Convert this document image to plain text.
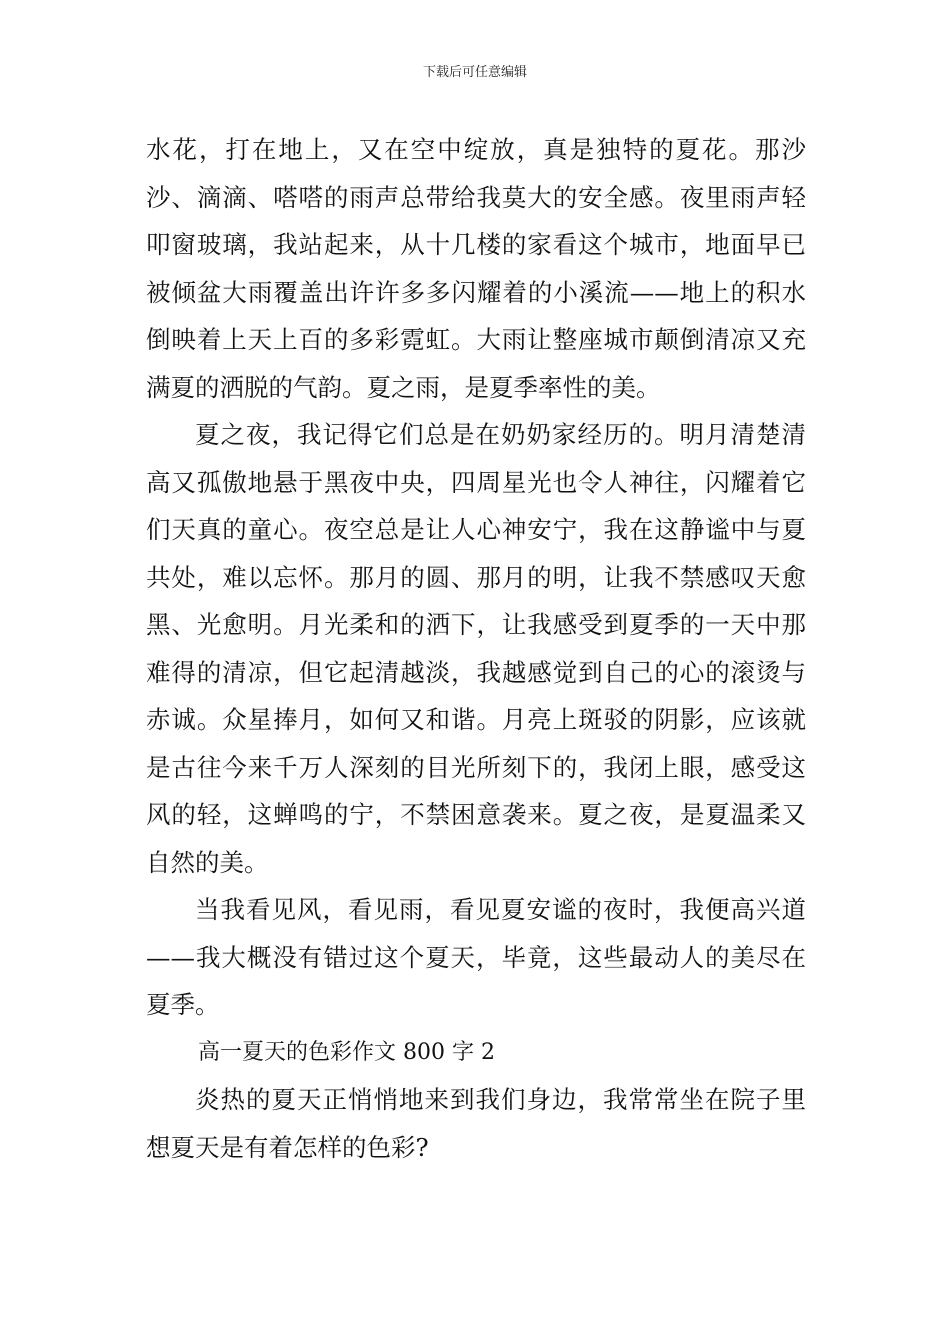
下载后可任意编辑

水花，打在地上，又在空中绽放，真是独特的夏花。那沙沙、滴滴、嗒嗒的雨声总带给我莫大的安全感。夜里雨声轻叩窗玻璃，我站起来，从十几楼的家看这个城市，地面早已被倾盆大雨覆盖出许许多多闪耀着的小溪流——地上的积水倒映着上天上百的多彩霓虹。大雨让整座城市颠倒清凉又充满夏的洒脱的气韵。夏之雨，是夏季率性的美。

夏之夜，我记得它们总是在奶奶家经历的。明月清楚清高又孤傲地悬于黑夜中央，四周星光也令人神往，闪耀着它们天真的童心。夜空总是让人心神安宁，我在这静谧中与夏共处，难以忘怀。那月的圆、那月的明，让我不禁感叹天愈黑、光愈明。月光柔和的洒下，让我感受到夏季的一天中那难得的清凉，但它起清越淡，我越感觉到自己的心的滚烫与赤诚。众星捧月，如何又和谐。月亮上斑驳的阴影，应该就是古往今来千万人深刻的目光所刻下的，我闭上眼，感受这风的轻，这蝉鸣的宁，不禁困意袭来。夏之夜，是夏温柔又自然的美。

当我看见风，看见雨，看见夏安谧的夜时，我便高兴道——我大概没有错过这个夏天，毕竟，这些最动人的美尽在夏季。

高一夏天的色彩作文 800 字 2

炎热的夏天正悄悄地来到我们身边，我常常坐在院子里想夏天是有着怎样的色彩?
